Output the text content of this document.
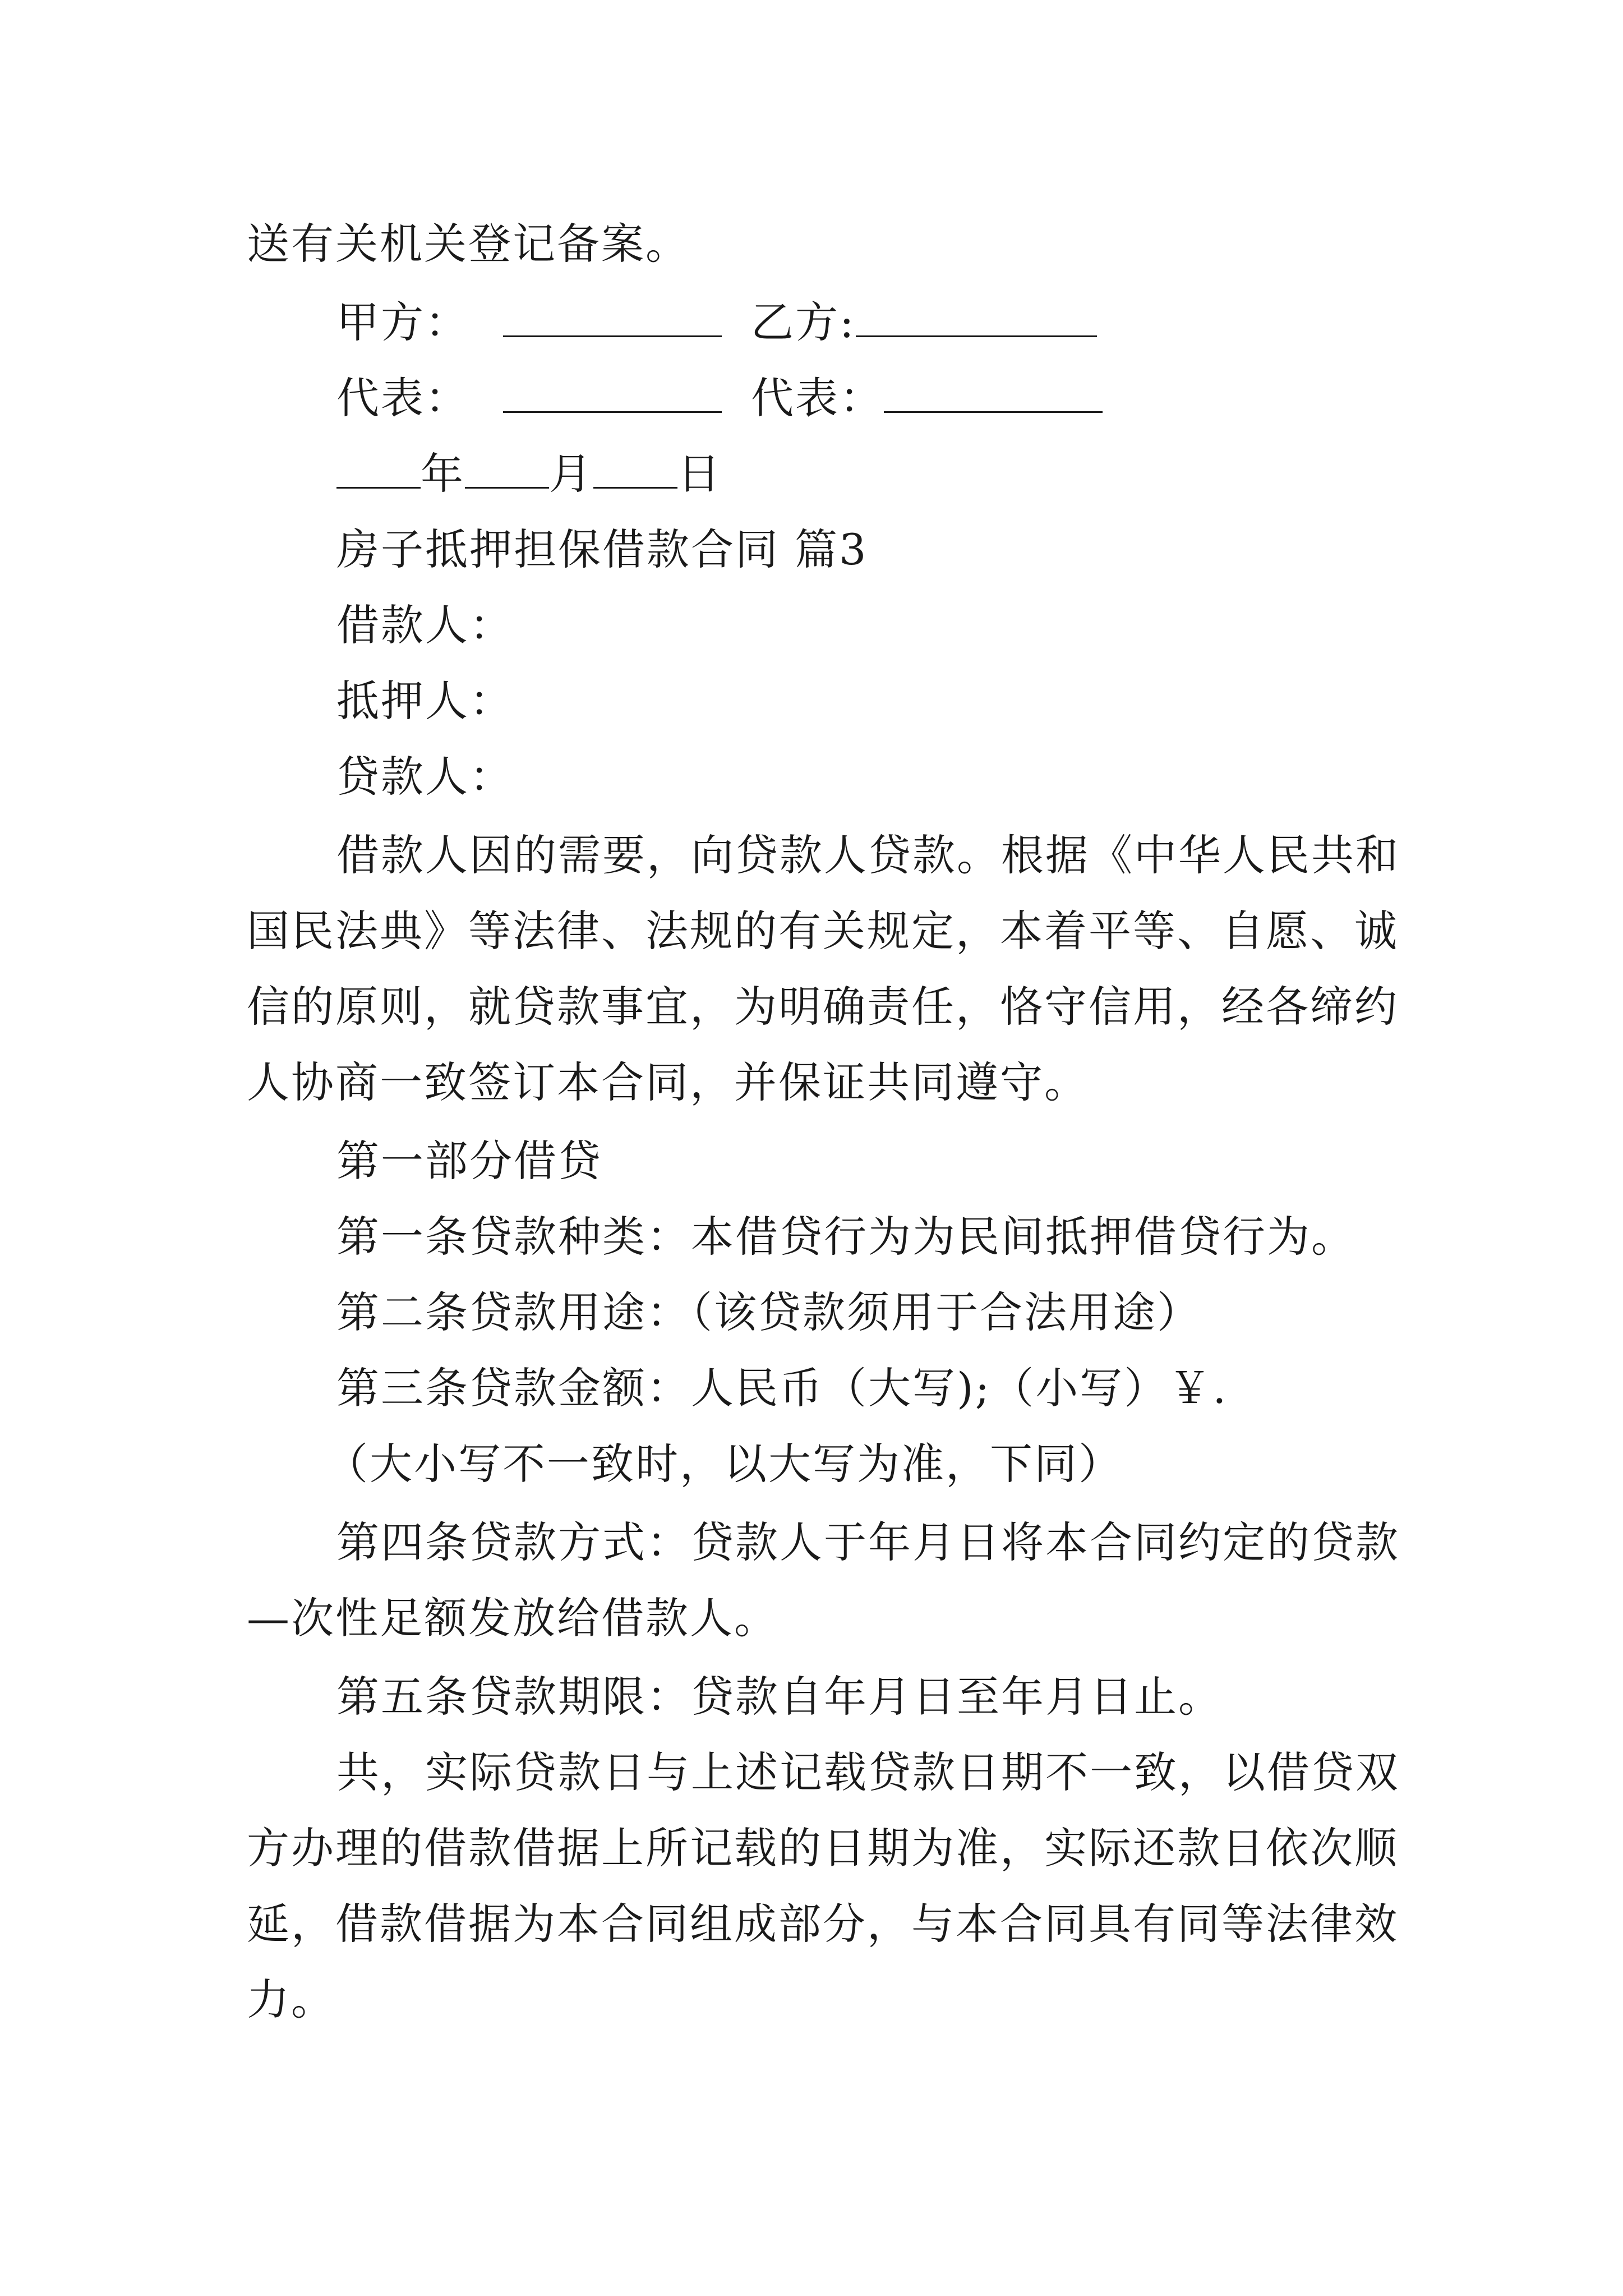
送有关机关登记备案。
甲方：	乙方:
代表：	代表：
年 月 日
房子抵押担保借款合同 篇3
借款人：
抵押人：
贷款人：
借款人因的需要，向贷款人贷款。根据《中华人民共和
国民法典》等法律、法规的有关规定，本着平等、自愿、诚
信的原则，就贷款事宜，为明确责任，恪守信用，经各缔约
人协商一致签订本合同，并保证共同遵守。
第一部分借贷
第一条贷款种类：本借贷行为为民间抵押借贷行为。
第二条贷款用途：（该贷款须用于合法用途）
第三条贷款金额：人民币（大写);（小写）￥.
（大小写不一致时，以大写为准，下同）
第四条贷款方式：贷款人于年月日将本合同约定的贷款
—次性足额发放给借款人。
第五条贷款期限：贷款自年月日至年月日止。
共，实际贷款日与上述记载贷款日期不一致，以借贷双
方办理的借款借据上所记载的日期为准，实际还款日依次顺
延，借款借据为本合同组成部分，与本合同具有同等法律效
力。
